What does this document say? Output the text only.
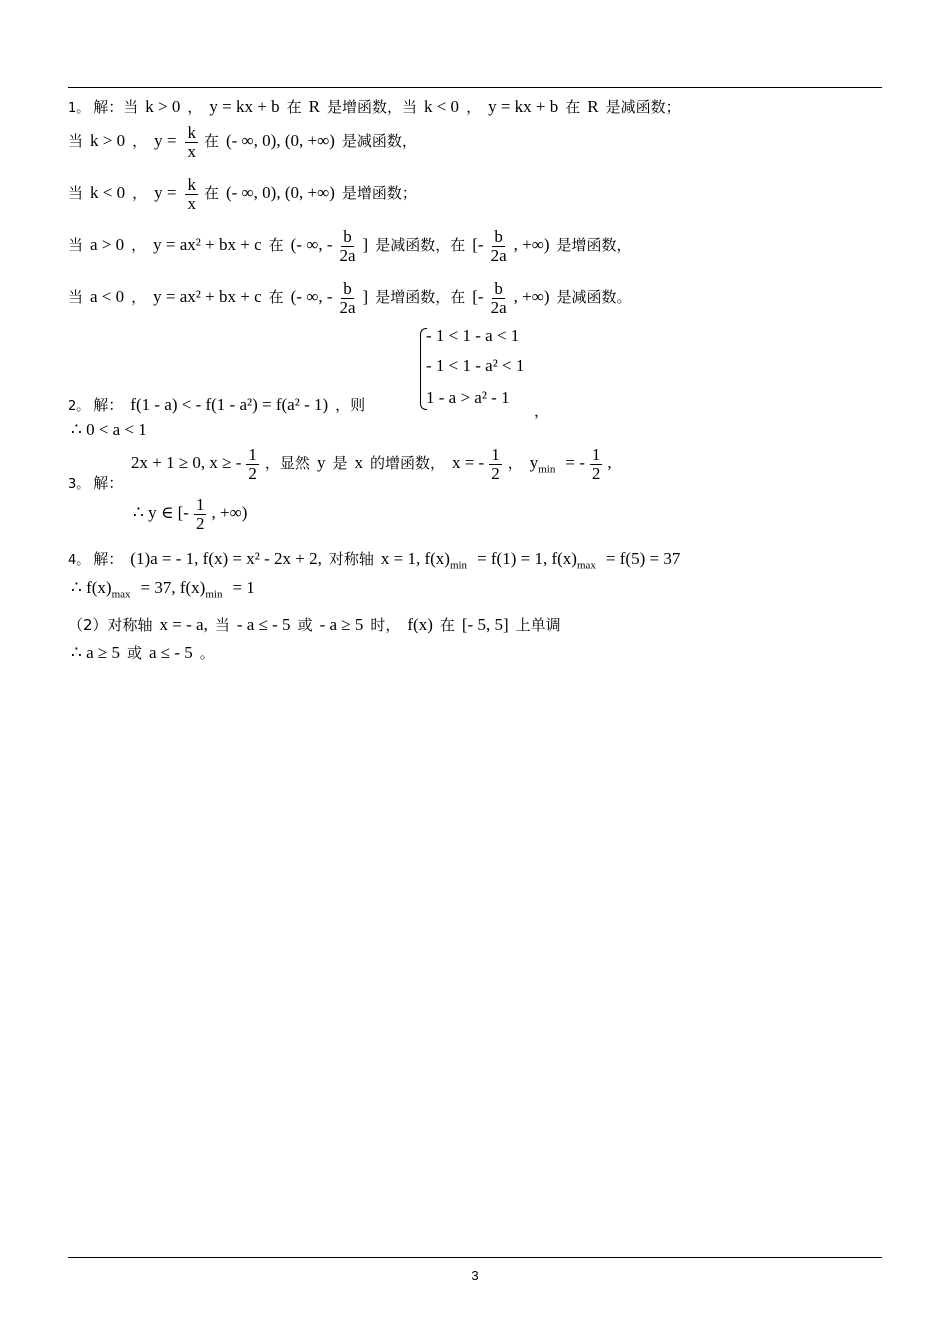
1。 解：当 k > 0 ， y = kx + b 在 R 是增函数，当 k < 0 ， y = kx + b 在 R 是减函数；
当 k > 0 ， $y = \frac{k}{x}$ 在 (- ∞, 0), (0, +∞) 是减函数，
当 k < 0 ， $y = \frac{k}{x}$ 在 (- ∞, 0), (0, +∞) 是增函数；
当 a > 0 ， y = ax² + bx + c 在 (- ∞, - $\frac{b}{2a}$ ] 是减函数，在 [- $\frac{b}{2a}$ , +∞) 是增函数，
当 a < 0 ， y = ax² + bx + c 在 (- ∞, - $\frac{b}{2a}$ ] 是增函数，在 [- $\frac{b}{2a}$ , +∞) 是减函数。
- 1 < 1 - a < 1
- 1 < 1 - a² < 1
1 - a > a² - 1
2。 解： f(1 - a) < - f(1 - a²) = f(a² - 1) ，则	，
∴ 0 < a < 1
3。 解：
2x + 1 ≥ 0, x ≥ - $\frac{1}{2}$ ，显然 y 是 x 的增函数， x = - $\frac{1}{2}$ ， $y_{min}$ = - $\frac{1}{2}$ ,
∴ y ∈ [- $\frac{1}{2}$ , +∞)
4。 解： (1)a = - 1, f(x) = x² - 2x + 2, 对称轴 x = 1, $f(x)_{min} = f(1) = 1$, $f(x)_{max} = f(5) = 37$
∴ $f(x)_{max} = 37$, $f(x)_{min} = 1$
（2）对称轴 x = - a, 当 - a ≤ - 5 或 - a ≥ 5 时， f(x) 在 [- 5, 5] 上单调
∴ a ≥ 5 或 a ≤ - 5 。
3
